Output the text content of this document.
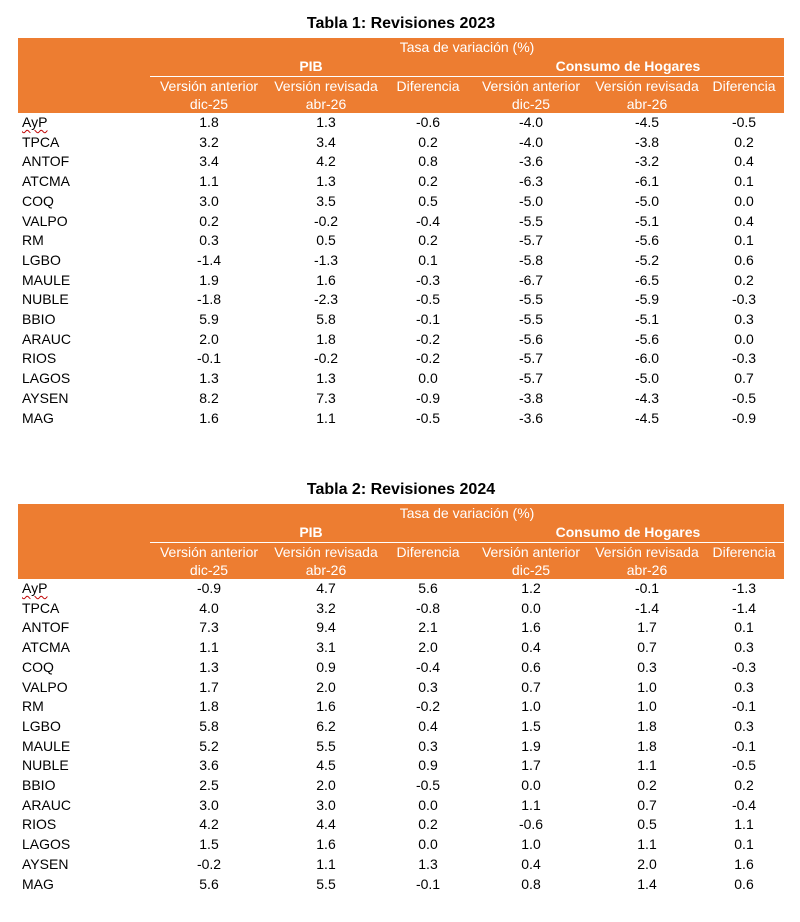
Tabla 1: Revisiones 2023
	Tasa de variación (%)					
	PIB			Consumo de Hogares		
	Versión anterior	Versión revisada	Diferencia	Versión anterior	Versión revisada	Diferencia
	dic-25	abr-26		dic-25	abr-26	
AyP	1.8	1.3	-0.6	-4.0	-4.5	-0.5
TPCA	3.2	3.4	0.2	-4.0	-3.8	0.2
ANTOF	3.4	4.2	0.8	-3.6	-3.2	0.4
ATCMA	1.1	1.3	0.2	-6.3	-6.1	0.1
COQ	3.0	3.5	0.5	-5.0	-5.0	0.0
VALPO	0.2	-0.2	-0.4	-5.5	-5.1	0.4
RM	0.3	0.5	0.2	-5.7	-5.6	0.1
LGBO	-1.4	-1.3	0.1	-5.8	-5.2	0.6
MAULE	1.9	1.6	-0.3	-6.7	-6.5	0.2
NUBLE	-1.8	-2.3	-0.5	-5.5	-5.9	-0.3
BBIO	5.9	5.8	-0.1	-5.5	-5.1	0.3
ARAUC	2.0	1.8	-0.2	-5.6	-5.6	0.0
RIOS	-0.1	-0.2	-0.2	-5.7	-6.0	-0.3
LAGOS	1.3	1.3	0.0	-5.7	-5.0	0.7
AYSEN	8.2	7.3	-0.9	-3.8	-4.3	-0.5
MAG	1.6	1.1	-0.5	-3.6	-4.5	-0.9
Tabla 2: Revisiones 2024
	Tasa de variación (%)					
	PIB			Consumo de Hogares		
	Versión anterior	Versión revisada	Diferencia	Versión anterior	Versión revisada	Diferencia
	dic-25	abr-26		dic-25	abr-26	
AyP	-0.9	4.7	5.6	1.2	-0.1	-1.3
TPCA	4.0	3.2	-0.8	0.0	-1.4	-1.4
ANTOF	7.3	9.4	2.1	1.6	1.7	0.1
ATCMA	1.1	3.1	2.0	0.4	0.7	0.3
COQ	1.3	0.9	-0.4	0.6	0.3	-0.3
VALPO	1.7	2.0	0.3	0.7	1.0	0.3
RM	1.8	1.6	-0.2	1.0	1.0	-0.1
LGBO	5.8	6.2	0.4	1.5	1.8	0.3
MAULE	5.2	5.5	0.3	1.9	1.8	-0.1
NUBLE	3.6	4.5	0.9	1.7	1.1	-0.5
BBIO	2.5	2.0	-0.5	0.0	0.2	0.2
ARAUC	3.0	3.0	0.0	1.1	0.7	-0.4
RIOS	4.2	4.4	0.2	-0.6	0.5	1.1
LAGOS	1.5	1.6	0.0	1.0	1.1	0.1
AYSEN	-0.2	1.1	1.3	0.4	2.0	1.6
MAG	5.6	5.5	-0.1	0.8	1.4	0.6
